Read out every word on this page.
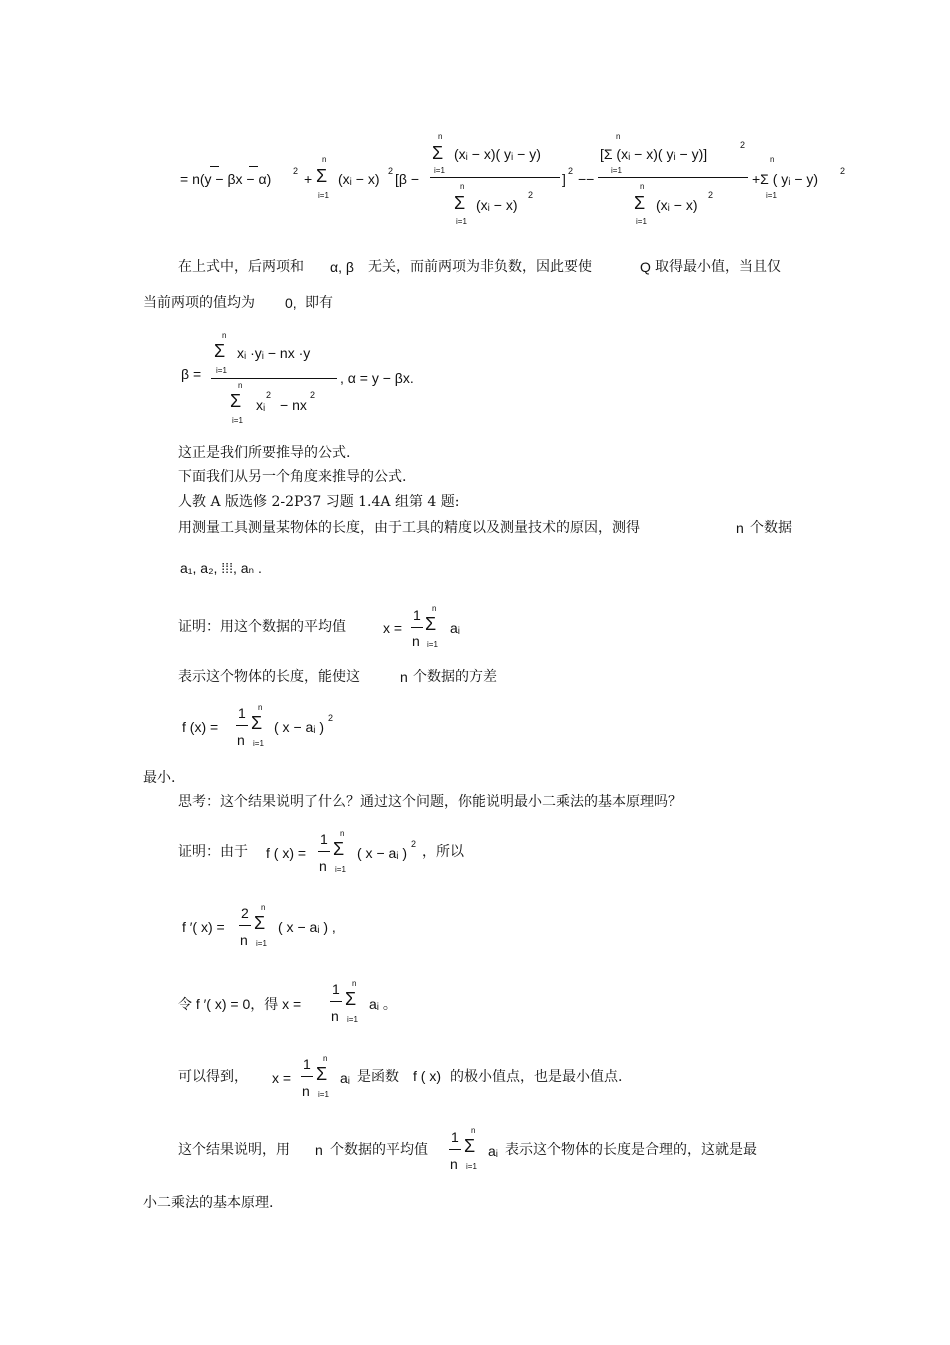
= n(y − βx − α) 2 + Σ
n
i=1
(xᵢ − x) 2 [β −
Σ
n
i=1
(xᵢ − x)( yᵢ − y)
Σ
n
i=1
(xᵢ − x)
2
] 2 −−
n
i=1
[Σ (xᵢ − x)( yᵢ − y)]
2
Σ
n
i=1
(xᵢ − x)
2
n
i=1
+Σ ( yᵢ − y) 2
在上式中，后两项和 α, β 无关，而前两项为非负数，因此要使	Q 取得最小值，当且仅
当前两项的值均为 0, 即有
β =
Σ
n
i=1
xᵢ ·yᵢ − nx ·y
Σ
n
i=1
xᵢ
2
− nx
2
, α = y − βx.
这正是我们所要推导的公式.
下面我们从另一个角度来推导的公式.
人教 A 版选修 2-2P37 习题 1.4A 组第 4 题:
用测量工具测量某物体的长度，由于工具的精度以及测量技术的原因，测得	n 个数据
a₁, a₂, ⁞⁞⁞, aₙ .
证明：用这个数据的平均值	x =
1
n
Σ
n
i=1
aᵢ
表示这个物体的长度，能使这	n 个数据的方差
f (x) =
1
n
Σ
n
i=1
( x − aᵢ )
2
最小.
思考：这个结果说明了什么？通过这个问题，你能说明最小二乘法的基本原理吗？
证明：由于 f ( x) =
1
n
Σ
n
i=1
( x − aᵢ )
2 ，所以
f ′( x) =
2
n
Σ
n
i=1
( x − aᵢ ) ,
令 f ′( x) = 0，得 x =
1
n
Σ
n
i=1
aᵢ 。
可以得到， x =
1
n
Σ
n
i=1
aᵢ 是函数 f ( x) 的极小值点，也是最小值点.
这个结果说明，用 n 个数据的平均值
1
n
Σ
n
i=1
aᵢ 表示这个物体的长度是合理的，这就是最
小二乘法的基本原理.
